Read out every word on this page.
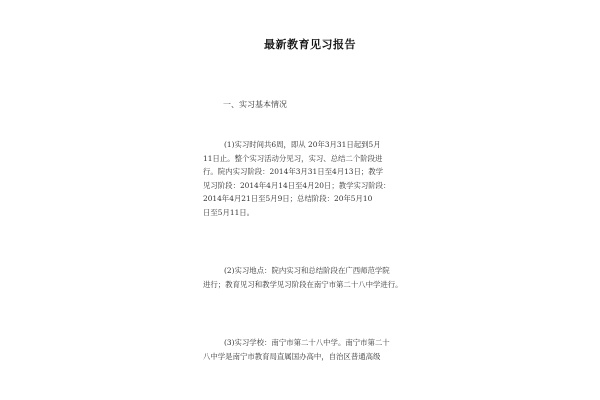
最新教育见习报告
一、实习基本情况
(1)实习时间共6周，即从 20年3月31日起到5月
11日止。整个实习活动分见习，实习、总结二个阶段进
行。院内实习阶段：2014年3月31日至4月13日；教学
见习阶段：2014年4月14日至4月20日；教学实习阶段：
2014年4月21日至5月9日；总结阶段：20年5月10
日至5月11日。
(2)实习地点：院内实习和总结阶段在广西师范学院
进行；教育见习和教学见习阶段在南宁市第二十八中学进行。
(3)实习学校：南宁市第二十八中学。南宁市第二十
八中学是南宁市教育局直属国办高中，自治区普通高级
